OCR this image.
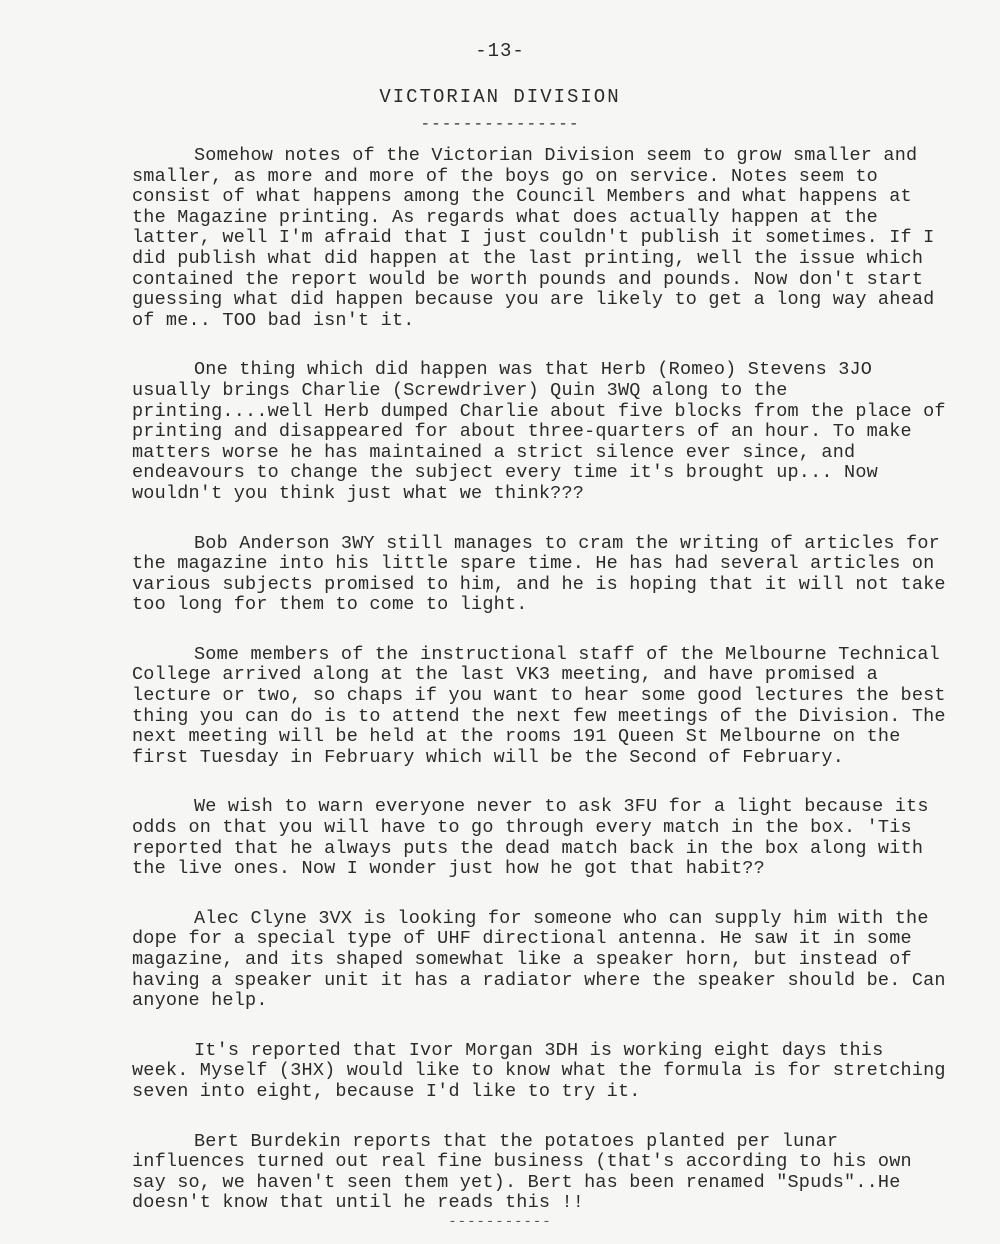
-13-
VICTORIAN DIVISION
---------------

Somehow notes of the Victorian Division seem to grow smaller and smaller, as more and more of the boys go on service. Notes seem to consist of what happens among the Council Members and what happens at the Magazine printing. As regards what does actually happen at the latter, well I'm afraid that I just couldn't publish it sometimes. If I did publish what did happen at the last printing, well the issue which contained the report would be worth pounds and pounds. Now don't start guessing what did happen because you are likely to get a long way ahead of me.. TOO bad isn't it.

One thing which did happen was that Herb (Romeo) Stevens 3JO usually brings Charlie (Screwdriver) Quin 3WQ along to the printing....well Herb dumped Charlie about five blocks from the place of printing and disappeared for about three-quarters of an hour. To make matters worse he has maintained a strict silence ever since, and endeavours to change the subject every time it's brought up... Now wouldn't you think just what we think???

Bob Anderson 3WY still manages to cram the writing of articles for the magazine into his little spare time. He has had several articles on various subjects promised to him, and he is hoping that it will not take too long for them to come to light.

Some members of the instructional staff of the Melbourne Technical College arrived along at the last VK3 meeting, and have promised a lecture or two, so chaps if you want to hear some good lectures the best thing you can do is to attend the next few meetings of the Division. The next meeting will be held at the rooms 191 Queen St Melbourne on the first Tuesday in February which will be the Second of February.

We wish to warn everyone never to ask 3FU for a light because its odds on that you will have to go through every match in the box. 'Tis reported that he always puts the dead match back in the box along with the live ones. Now I wonder just how he got that habit??

Alec Clyne 3VX is looking for someone who can supply him with the dope for a special type of UHF directional antenna. He saw it in some magazine, and its shaped somewhat like a speaker horn, but instead of having a speaker unit it has a radiator where the speaker should be. Can anyone help.

It's reported that Ivor Morgan 3DH is working eight days this week. Myself (3HX) would like to know what the formula is for stretching seven into eight, because I'd like to try it.

Bert Burdekin reports that the potatoes planted per lunar influences turned out real fine business (that's according to his own say so, we haven't seen them yet). Bert has been renamed "Spuds"..He doesn't know that until he reads this !!

-----------
